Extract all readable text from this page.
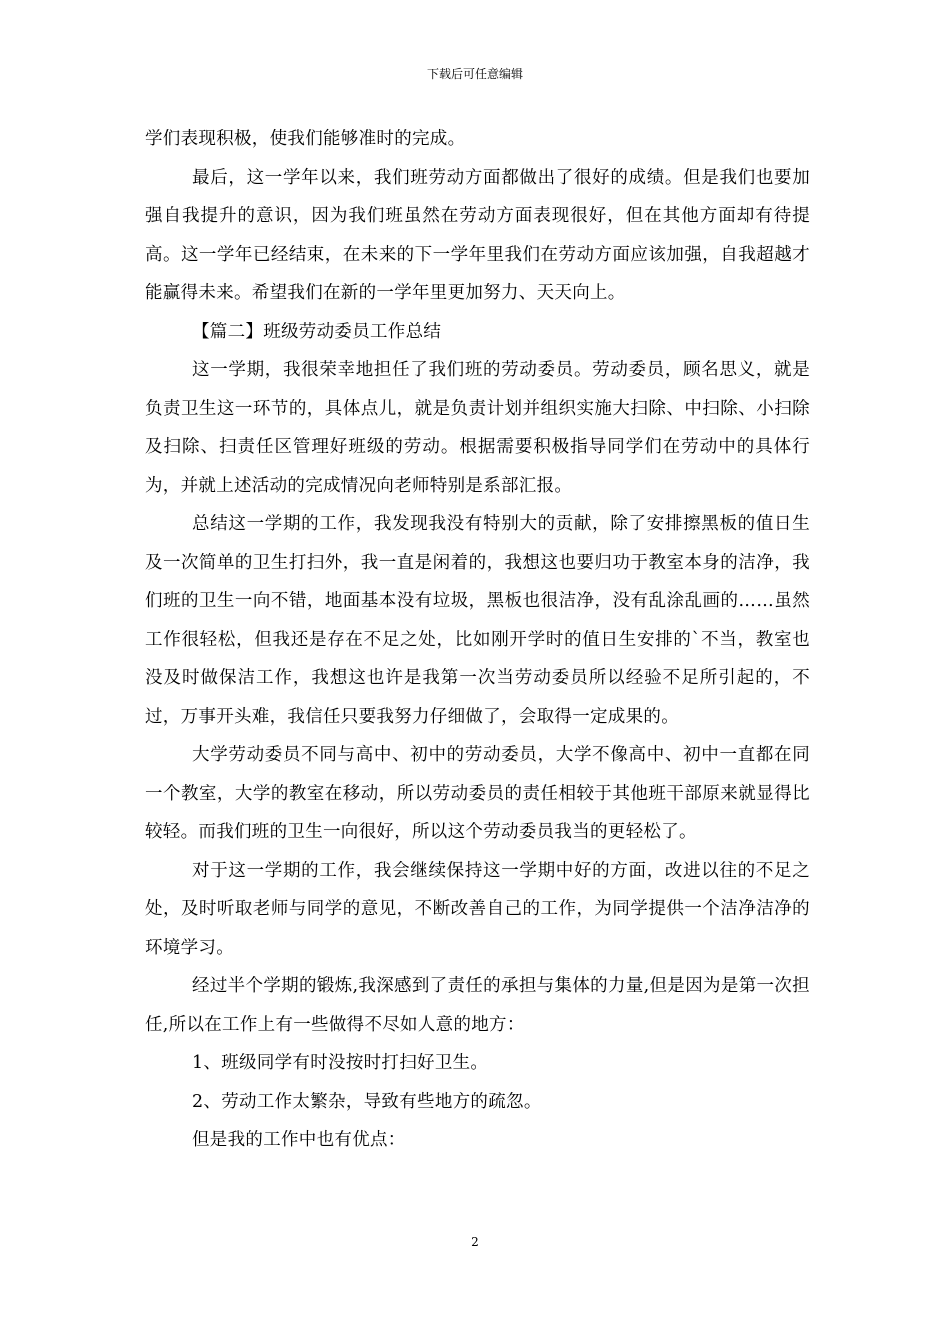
下载后可任意编辑

学们表现积极，使我们能够准时的完成。

最后，这一学年以来，我们班劳动方面都做出了很好的成绩。但是我们也要加强自我提升的意识，因为我们班虽然在劳动方面表现很好，但在其他方面却有待提高。这一学年已经结束，在未来的下一学年里我们在劳动方面应该加强，自我超越才能赢得未来。希望我们在新的一学年里更加努力、天天向上。

【篇二】班级劳动委员工作总结

这一学期，我很荣幸地担任了我们班的劳动委员。劳动委员，顾名思义，就是负责卫生这一环节的，具体点儿，就是负责计划并组织实施大扫除、中扫除、小扫除及扫除、扫责任区管理好班级的劳动。根据需要积极指导同学们在劳动中的具体行为，并就上述活动的完成情况向老师特别是系部汇报。

总结这一学期的工作，我发现我没有特别大的贡献，除了安排擦黑板的值日生及一次简单的卫生打扫外，我一直是闲着的，我想这也要归功于教室本身的洁净，我们班的卫生一向不错，地面基本没有垃圾，黑板也很洁净，没有乱涂乱画的……虽然工作很轻松，但我还是存在不足之处，比如刚开学时的值日生安排的`不当，教室也没及时做保洁工作，我想这也许是我第一次当劳动委员所以经验不足所引起的，不过，万事开头难，我信任只要我努力仔细做了，会取得一定成果的。

大学劳动委员不同与高中、初中的劳动委员，大学不像高中、初中一直都在同一个教室，大学的教室在移动，所以劳动委员的责任相较于其他班干部原来就显得比较轻。而我们班的卫生一向很好，所以这个劳动委员我当的更轻松了。

对于这一学期的工作，我会继续保持这一学期中好的方面，改进以往的不足之处，及时听取老师与同学的意见，不断改善自己的工作，为同学提供一个洁净洁净的环境学习。

经过半个学期的锻炼,我深感到了责任的承担与集体的力量,但是因为是第一次担任,所以在工作上有一些做得不尽如人意的地方：

1、班级同学有时没按时打扫好卫生。

2、劳动工作太繁杂，导致有些地方的疏忽。

但是我的工作中也有优点：

2
